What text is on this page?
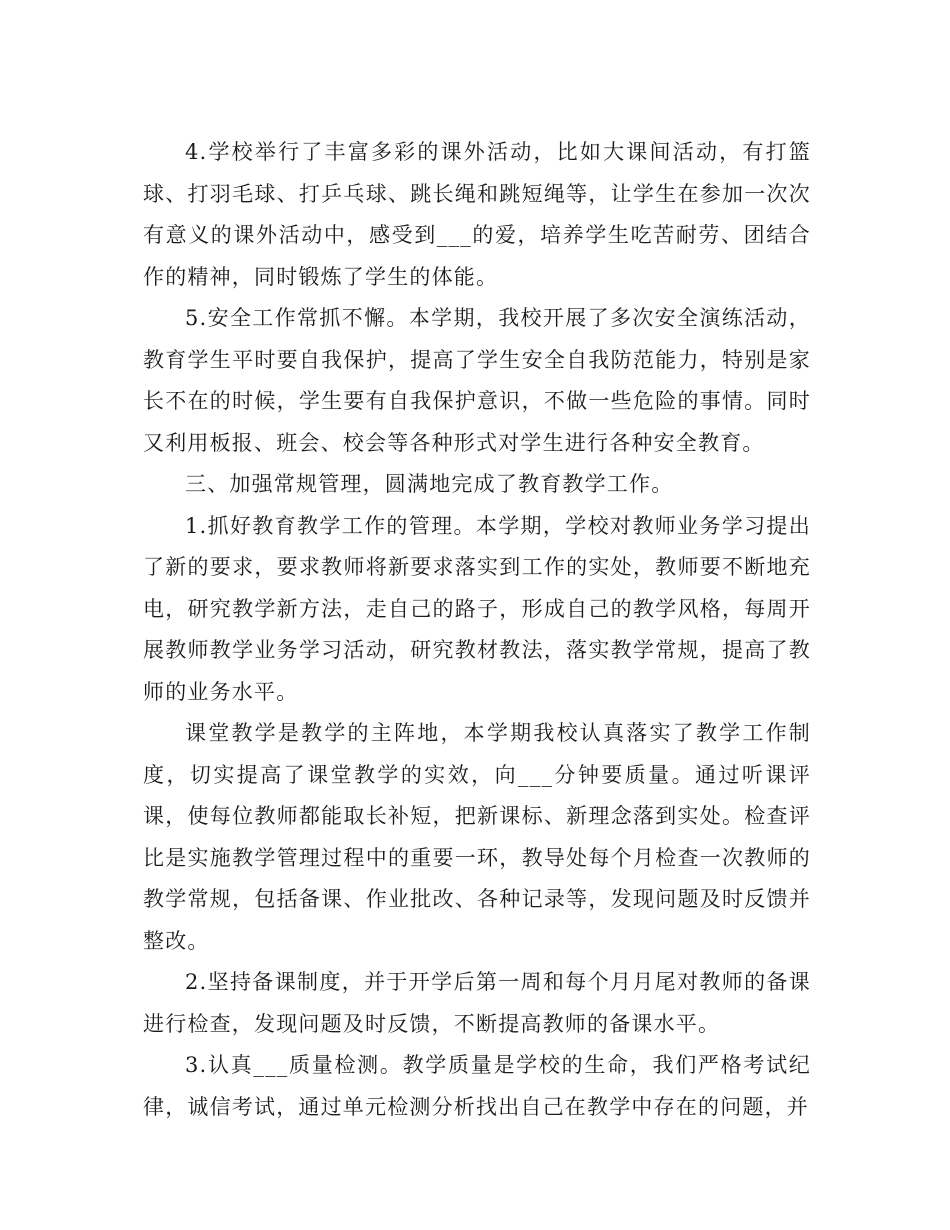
4.学校举行了丰富多彩的课外活动，比如大课间活动，有打篮球、打羽毛球、打乒乓球、跳长绳和跳短绳等，让学生在参加一次次有意义的课外活动中，感受到___的爱，培养学生吃苦耐劳、团结合作的精神，同时锻炼了学生的体能。

5.安全工作常抓不懈。本学期，我校开展了多次安全演练活动，教育学生平时要自我保护，提高了学生安全自我防范能力，特别是家长不在的时候，学生要有自我保护意识，不做一些危险的事情。同时又利用板报、班会、校会等各种形式对学生进行各种安全教育。

三、加强常规管理，圆满地完成了教育教学工作。

1.抓好教育教学工作的管理。本学期，学校对教师业务学习提出了新的要求，要求教师将新要求落实到工作的实处，教师要不断地充电，研究教学新方法，走自己的路子，形成自己的教学风格，每周开展教师教学业务学习活动，研究教材教法，落实教学常规，提高了教师的业务水平。

课堂教学是教学的主阵地，本学期我校认真落实了教学工作制度，切实提高了课堂教学的实效，向___分钟要质量。通过听课评课，使每位教师都能取长补短，把新课标、新理念落到实处。检查评比是实施教学管理过程中的重要一环，教导处每个月检查一次教师的教学常规，包括备课、作业批改、各种记录等，发现问题及时反馈并整改。

2.坚持备课制度，并于开学后第一周和每个月月尾对教师的备课进行检查，发现问题及时反馈，不断提高教师的备课水平。

3.认真___质量检测。教学质量是学校的生命，我们严格考试纪律，诚信考试，通过单元检测分析找出自己在教学中存在的问题，并
